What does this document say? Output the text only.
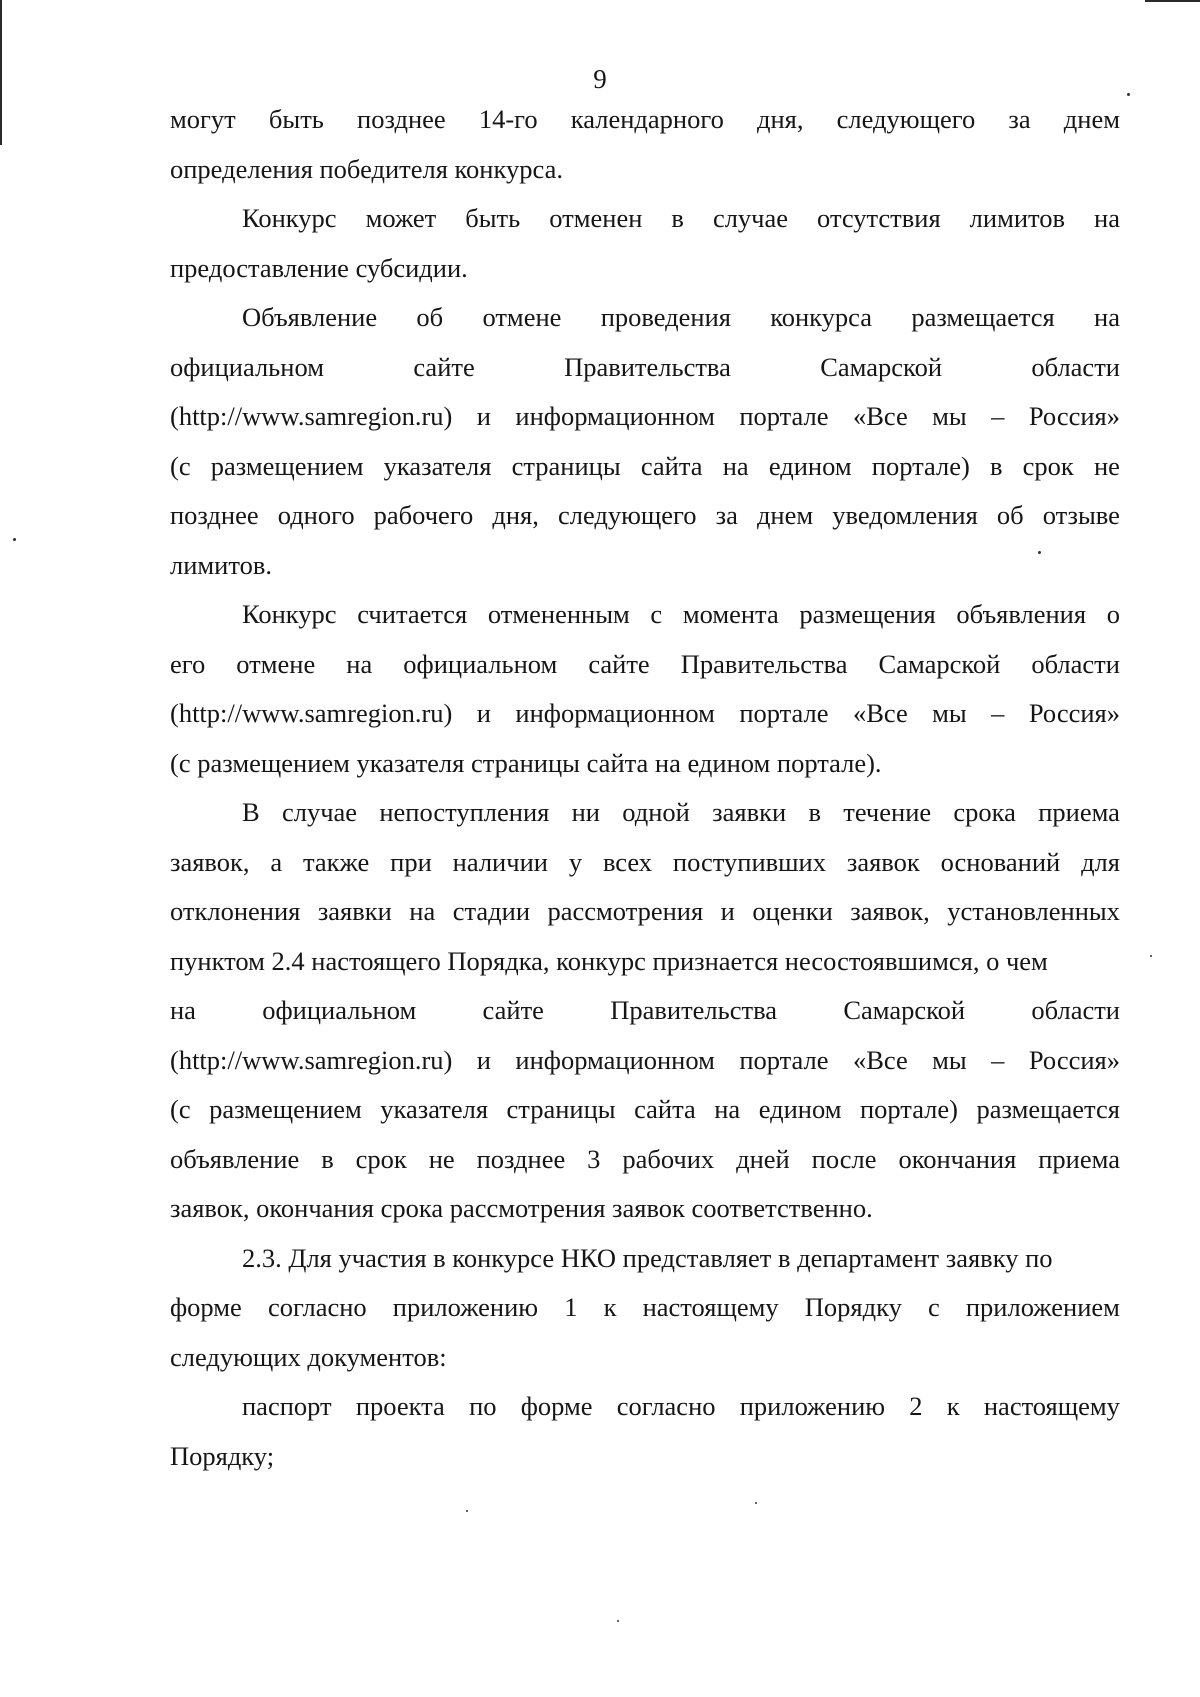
9
могут быть позднее 14-го календарного дня, следующего за днем
определения победителя конкурса.
Конкурс может быть отменен в случае отсутствия лимитов на
предоставление субсидии.
Объявление об отмене проведения конкурса размещается на
официальном	сайте	Правительства	Самарской	области
(http://www.samregion.ru) и информационном портале «Все мы – Россия»
(с размещением указателя страницы сайта на едином портале) в срок не
позднее одного рабочего дня, следующего за днем уведомления об отзыве
лимитов.
Конкурс считается отмененным с момента размещения объявления о
его отмене на официальном сайте Правительства Самарской области
(http://www.samregion.ru) и информационном портале «Все мы – Россия»
(с размещением указателя страницы сайта на едином портале).
В случае непоступления ни одной заявки в течение срока приема
заявок, а также при наличии у всех поступивших заявок оснований для
отклонения заявки на стадии рассмотрения и оценки заявок, установленных
пунктом 2.4 настоящего Порядка, конкурс признается несостоявшимся, о чем
на	официальном	сайте	Правительства	Самарской	области
(http://www.samregion.ru) и информационном портале «Все мы – Россия»
(с размещением указателя страницы сайта на едином портале) размещается
объявление в срок не позднее 3 рабочих дней после окончания приема
заявок, окончания срока рассмотрения заявок соответственно.
2.3. Для участия в конкурсе НКО представляет в департамент заявку по
форме согласно приложению 1 к настоящему Порядку с приложением
следующих документов:
паспорт проекта по форме согласно приложению 2 к настоящему
Порядку;
